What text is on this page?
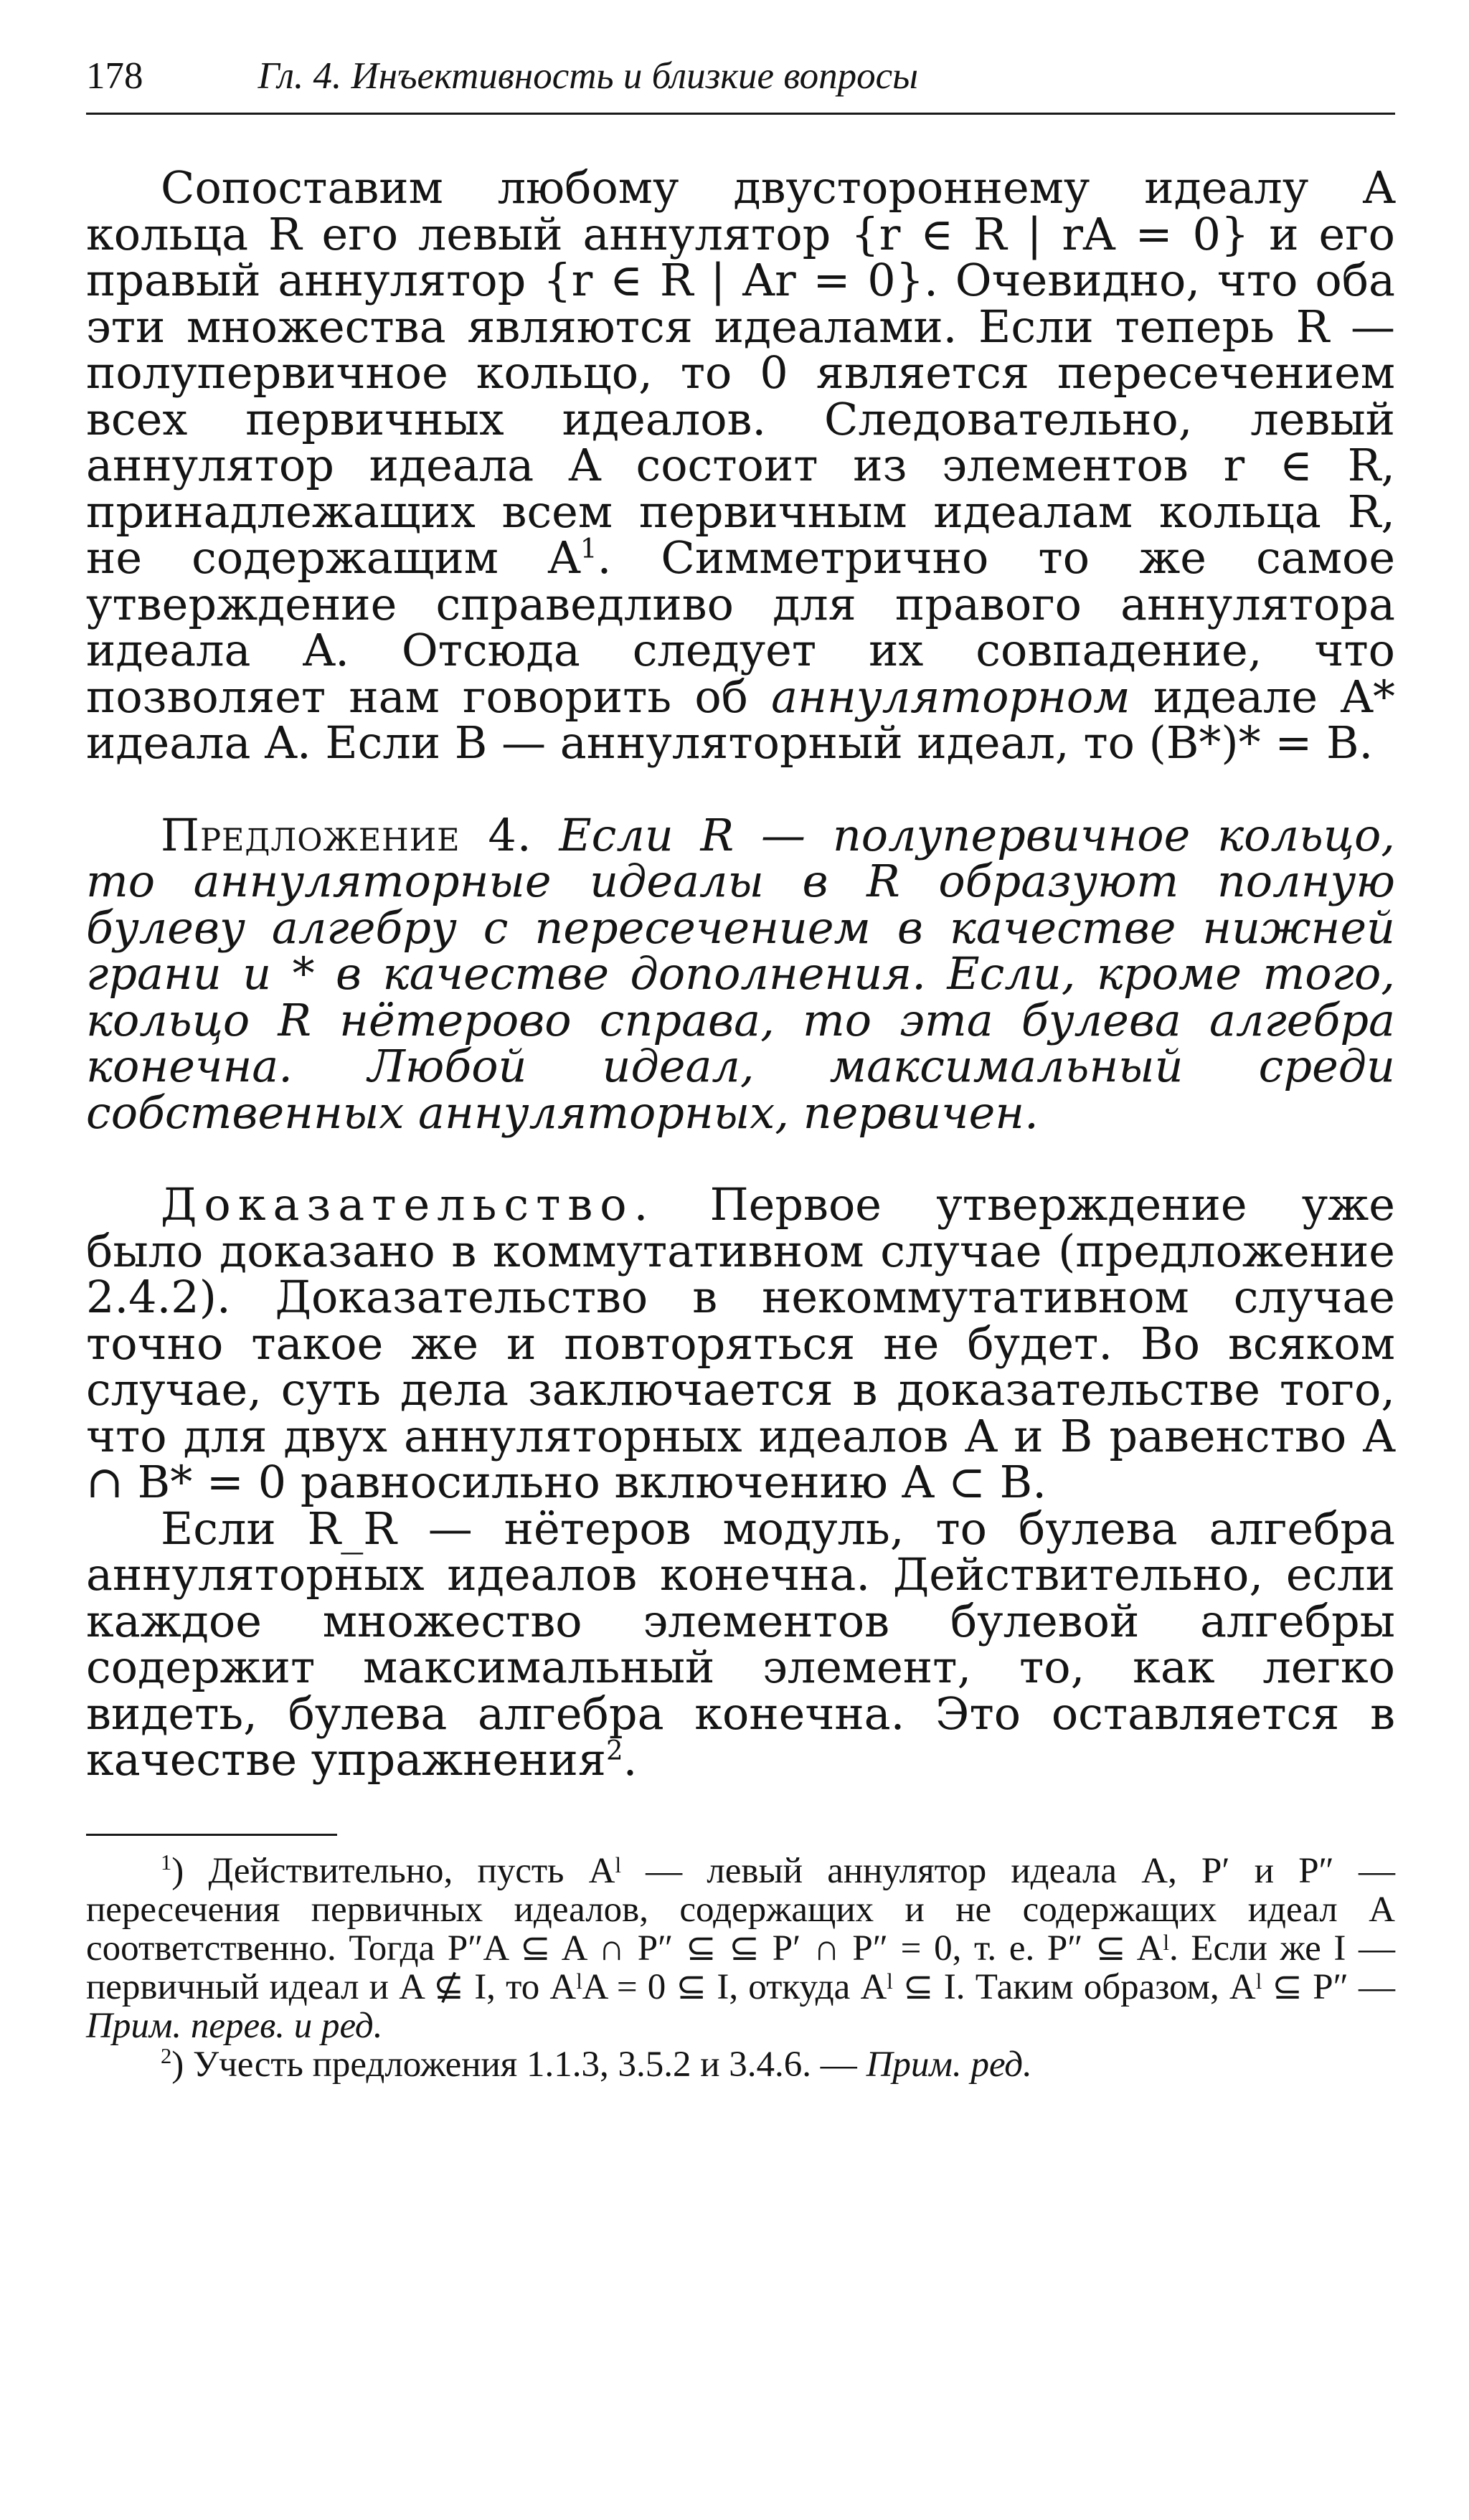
178	Гл. 4. Инъективность и близкие вопросы

Сопоставим любому двустороннему идеалу A кольца R его левый аннулятор {r ∈ R | rA = 0} и его правый аннулятор {r ∈ R | Ar = 0}. Очевидно, что оба эти множества являются идеалами. Если теперь R — полупервичное кольцо, то 0 является пересечением всех первичных идеалов. Следовательно, левый аннулятор идеала A состоит из элементов r ∈ R, принадлежащих всем первичным идеалам кольца R, не содержащим $A^1$. Симметрично то же самое утверждение справедливо для правого аннулятора идеала A. Отсюда следует их совпадение, что позволяет нам говорить об аннуляторном идеале A* идеала A. Если B — аннуляторный идеал, то (B*)* = B.

Предложение 4. Если R — полупервичное кольцо, то аннуляторные идеалы в R образуют полную булеву алгебру с пересечением в качестве нижней грани и * в качестве дополнения. Если, кроме того, кольцо R нётерово справа, то эта булева алгебра конечна. Любой идеал, максимальный среди собственных аннуляторных, первичен.

Доказательство. Первое утверждение уже было доказано в коммутативном случае (предложение 2.4.2). Доказательство в некоммутативном случае точно такое же и повторяться не будет. Во всяком случае, суть дела заключается в доказательстве того, что для двух аннуляторных идеалов A и B равенство A ∩ B* = 0 равносильно включению A ⊂ B.

Если R_R — нётеров модуль, то булева алгебра аннуляторных идеалов конечна. Действительно, если каждое множество элементов булевой алгебры содержит максимальный элемент, то, как легко видеть, булева алгебра конечна. Это оставляется в качестве упражнения$^2$.

$^1$) Действительно, пусть Aˡ — левый аннулятор идеала A, P′ и P″ — пересечения первичных идеалов, содержащих и не содержащих идеал A соответственно. Тогда P″A ⊆ A ∩ P″ ⊆ ⊆ P′ ∩ P″ = 0, т. е. P″ ⊆ Aˡ. Если же I — первичный идеал и A ⊈ I, то AˡA = 0 ⊆ I, откуда Aˡ ⊆ I. Таким образом, Aˡ ⊆ P″ — Прим. перев. и ред.

$^2$) Учесть предложения 1.1.3, 3.5.2 и 3.4.6. — Прим. ред.
